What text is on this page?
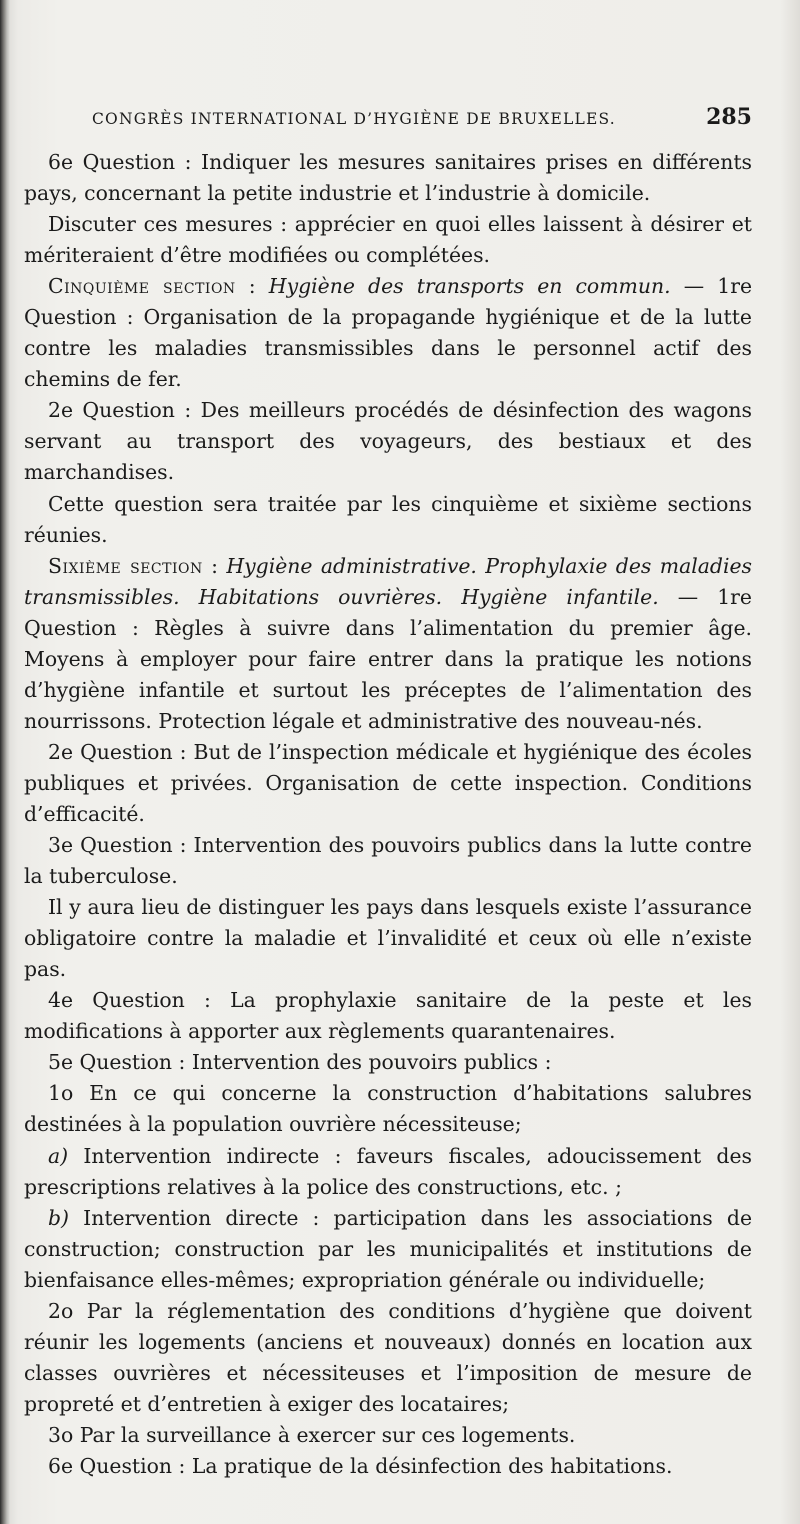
CONGRÈS INTERNATIONAL D’HYGIÈNE DE BRUXELLES.	285

6e Question : Indiquer les mesures sanitaires prises en différents pays, concernant la petite industrie et l’industrie à domicile.

Discuter ces mesures : apprécier en quoi elles laissent à désirer et mériteraient d’être modifiées ou complétées.

Cinquième section : Hygiène des transports en commun. — 1re Question : Organisation de la propagande hygiénique et de la lutte contre les maladies transmissibles dans le personnel actif des chemins de fer.

2e Question : Des meilleurs procédés de désinfection des wagons servant au transport des voyageurs, des bestiaux et des marchandises.

Cette question sera traitée par les cinquième et sixième sections réunies.

Sixième section : Hygiène administrative. Prophylaxie des maladies transmissibles. Habitations ouvrières. Hygiène infantile. — 1re Question : Règles à suivre dans l’alimentation du premier âge. Moyens à employer pour faire entrer dans la pratique les notions d’hygiène infantile et surtout les préceptes de l’alimentation des nourrissons. Protection légale et administrative des nouveau-nés.

2e Question : But de l’inspection médicale et hygiénique des écoles publiques et privées. Organisation de cette inspection. Conditions d’efficacité.

3e Question : Intervention des pouvoirs publics dans la lutte contre la tuberculose.

Il y aura lieu de distinguer les pays dans lesquels existe l’assurance obligatoire contre la maladie et l’invalidité et ceux où elle n’existe pas.

4e Question : La prophylaxie sanitaire de la peste et les modifications à apporter aux règlements quarantenaires.

5e Question : Intervention des pouvoirs publics :

1o En ce qui concerne la construction d’habitations salubres destinées à la population ouvrière nécessiteuse;

a) Intervention indirecte : faveurs fiscales, adoucissement des prescriptions relatives à la police des constructions, etc. ;

b) Intervention directe : participation dans les associations de construction; construction par les municipalités et institutions de bienfaisance elles-mêmes; expropriation générale ou individuelle;

2o Par la réglementation des conditions d’hygiène que doivent réunir les logements (anciens et nouveaux) donnés en location aux classes ouvrières et nécessiteuses et l’imposition de mesure de propreté et d’entretien à exiger des locataires;

3o Par la surveillance à exercer sur ces logements.

6e Question : La pratique de la désinfection des habitations.
